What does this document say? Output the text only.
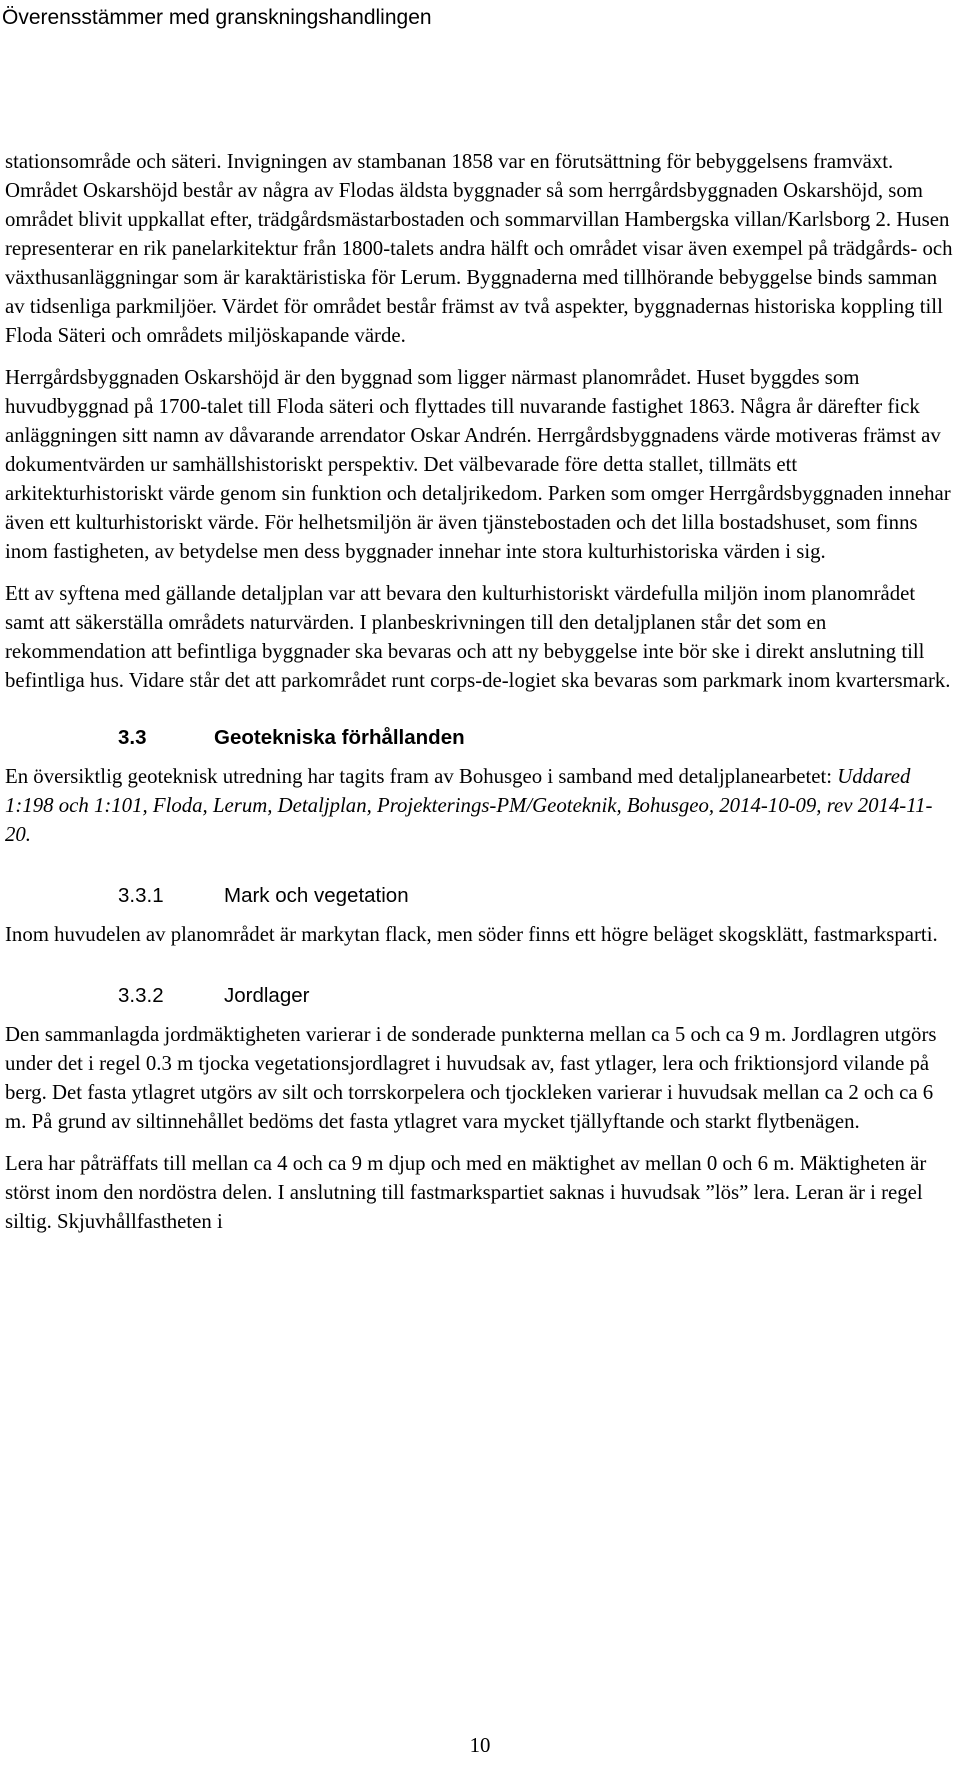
Överensstämmer med granskningshandlingen

stationsområde och säteri. Invigningen av stambanan 1858 var en förutsättning för bebyggelsens framväxt. Området Oskarshöjd består av några av Flodas äldsta byggnader så som herrgårdsbyggnaden Oskarshöjd, som området blivit uppkallat efter, trädgårdsmästarbostaden och sommarvillan Hambergska villan/Karlsborg 2. Husen representerar en rik panelarkitektur från 1800-talets andra hälft och området visar även exempel på trädgårds- och växthusanläggningar som är karaktäristiska för Lerum. Byggnaderna med tillhörande bebyggelse binds samman av tidsenliga parkmiljöer. Värdet för området består främst av två aspekter, byggnadernas historiska koppling till Floda Säteri och områdets miljöskapande värde.

Herrgårdsbyggnaden Oskarshöjd är den byggnad som ligger närmast planområdet. Huset byggdes som huvudbyggnad på 1700-talet till Floda säteri och flyttades till nuvarande fastighet 1863. Några år därefter fick anläggningen sitt namn av dåvarande arrendator Oskar Andrén. Herrgårdsbyggnadens värde motiveras främst av dokumentvärden ur samhällshistoriskt perspektiv. Det välbevarade före detta stallet, tillmäts ett arkitekturhistoriskt värde genom sin funktion och detaljrikedom. Parken som omger Herrgårdsbyggnaden innehar även ett kulturhistoriskt värde. För helhetsmiljön är även tjänstebostaden och det lilla bostadshuset, som finns inom fastigheten, av betydelse men dess byggnader innehar inte stora kulturhistoriska värden i sig.

Ett av syftena med gällande detaljplan var att bevara den kulturhistoriskt värdefulla miljön inom planområdet samt att säkerställa områdets naturvärden. I planbeskrivningen till den detaljplanen står det som en rekommendation att befintliga byggnader ska bevaras och att ny bebyggelse inte bör ske i direkt anslutning till befintliga hus. Vidare står det att parkområdet runt corps-de-logiet ska bevaras som parkmark inom kvartersmark.

3.3	Geotekniska förhållanden

En översiktlig geoteknisk utredning har tagits fram av Bohusgeo i samband med detaljplanearbetet: Uddared 1:198 och 1:101, Floda, Lerum, Detaljplan, Projekterings-PM/Geoteknik, Bohusgeo, 2014-10-09, rev 2014-11-20.

3.3.1	Mark och vegetation

Inom huvudelen av planområdet är markytan flack, men söder finns ett högre beläget skogsklätt, fastmarksparti.

3.3.2	Jordlager

Den sammanlagda jordmäktigheten varierar i de sonderade punkterna mellan ca 5 och ca 9 m. Jordlagren utgörs under det i regel 0.3 m tjocka vegetationsjordlagret i huvudsak av, fast ytlager, lera och friktionsjord vilande på berg. Det fasta ytlagret utgörs av silt och torrskorpelera och tjockleken varierar i huvudsak mellan ca 2 och ca 6 m. På grund av siltinnehållet bedöms det fasta ytlagret vara mycket tjällyftande och starkt flytbenägen.

Lera har påträffats till mellan ca 4 och ca 9 m djup och med en mäktighet av mellan 0 och 6 m. Mäktigheten är störst inom den nordöstra delen. I anslutning till fastmarkspartiet saknas i huvudsak ”lös” lera. Leran är i regel siltig. Skjuvhållfastheten i

10
